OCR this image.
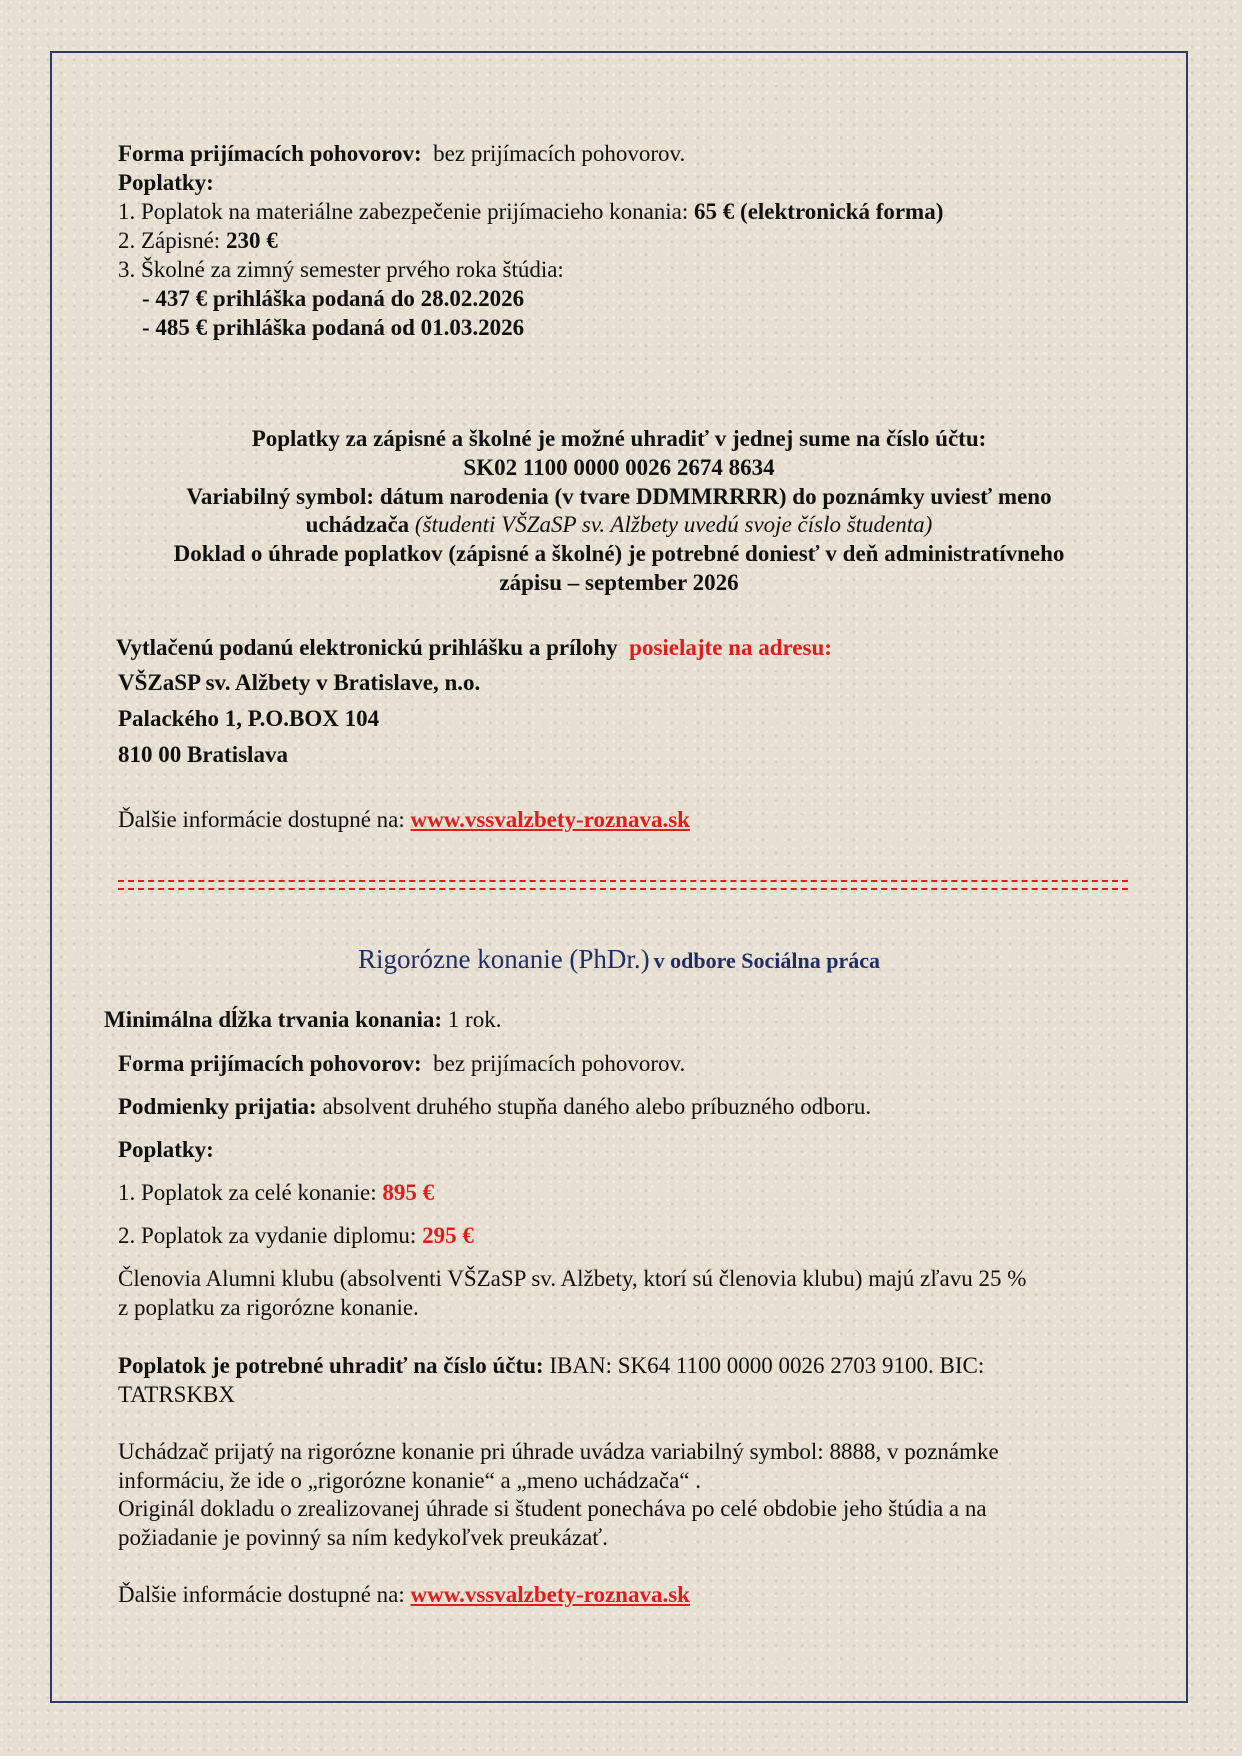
Forma prijímacích pohovorov: bez prijímacích pohovorov.
Poplatky:
1. Poplatok na materiálne zabezpečenie prijímacieho konania: 65 € (elektronická forma)
2. Zápisné: 230 €
3. Školné za zimný semester prvého roka štúdia:
- 437 € prihláška podaná do 28.02.2026
- 485 € prihláška podaná od 01.03.2026
Poplatky za zápisné a školné je možné uhradiť v jednej sume na číslo účtu:
SK02 1100 0000 0026 2674 8634
Variabilný symbol: dátum narodenia (v tvare DDMMRRRR) do poznámky uviesť meno
uchádzača (študenti VŠZaSP sv. Alžbety uvedú svoje číslo študenta)
Doklad o úhrade poplatkov (zápisné a školné) je potrebné doniesť v deň administratívneho
zápisu – september 2026
Vytlačenú podanú elektronickú prihlášku a prílohy posielajte na adresu:
VŠZaSP sv. Alžbety v Bratislave, n.o.
Palackého 1, P.O.BOX 104
810 00 Bratislava
Ďalšie informácie dostupné na: www.vssvalzbety-roznava.sk
Rigorózne konanie (PhDr.) v odbore Sociálna práca
Minimálna dĺžka trvania konania: 1 rok.
Forma prijímacích pohovorov: bez prijímacích pohovorov.
Podmienky prijatia: absolvent druhého stupňa daného alebo príbuzného odboru.
Poplatky:
1. Poplatok za celé konanie: 895 €
2. Poplatok za vydanie diplomu: 295 €
Členovia Alumni klubu (absolventi VŠZaSP sv. Alžbety, ktorí sú členovia klubu) majú zľavu 25 %
z poplatku za rigorózne konanie.
Poplatok je potrebné uhradiť na číslo účtu: IBAN: SK64 1100 0000 0026 2703 9100. BIC:
TATRSKBX
Uchádzač prijatý na rigorózne konanie pri úhrade uvádza variabilný symbol: 8888, v poznámke
informáciu, že ide o „rigorózne konanie“ a „meno uchádzača“ .
Originál dokladu o zrealizovanej úhrade si študent ponecháva po celé obdobie jeho štúdia a na
požiadanie je povinný sa ním kedykoľvek preukázať.
Ďalšie informácie dostupné na: www.vssvalzbety-roznava.sk
